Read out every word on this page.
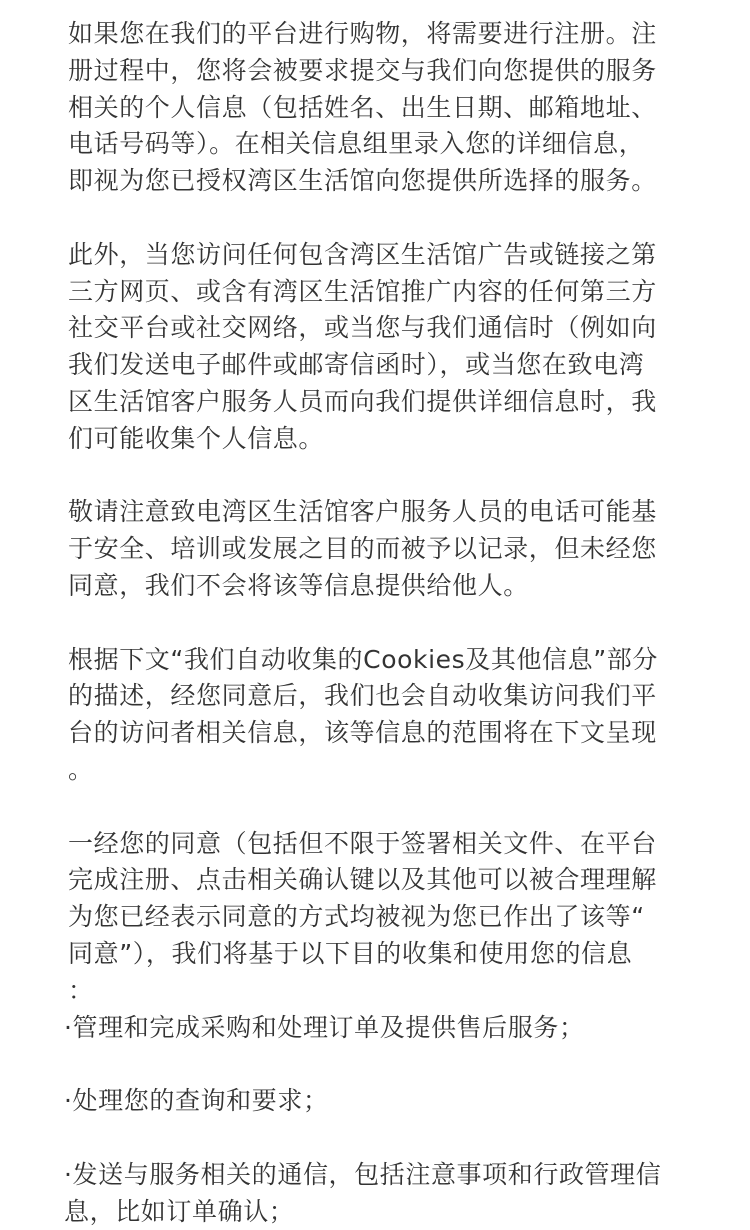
如果您在我们的平台进行购物，将需要进行注册。注
册过程中，您将会被要求提交与我们向您提供的服务
相关的个人信息（包括姓名、出生日期、邮箱地址、
电话号码等）。在相关信息组里录入您的详细信息，
即视为您已授权湾区生活馆向您提供所选择的服务。
此外，当您访问任何包含湾区生活馆广告或链接之第
三方网页、或含有湾区生活馆推广内容的任何第三方
社交平台或社交网络，或当您与我们通信时（例如向
我们发送电子邮件或邮寄信函时），或当您在致电湾
区生活馆客户服务人员而向我们提供详细信息时，我
们可能收集个人信息。
敬请注意致电湾区生活馆客户服务人员的电话可能基
于安全、培训或发展之目的而被予以记录，但未经您
同意，我们不会将该等信息提供给他人。
根据下文“我们自动收集的Cookies及其他信息”部分
的描述，经您同意后，我们也会自动收集访问我们平
台的访问者相关信息，该等信息的范围将在下文呈现
。
一经您的同意（包括但不限于签署相关文件、在平台
完成注册、点击相关确认键以及其他可以被合理理解
为您已经表示同意的方式均被视为您已作出了该等“
同意”），我们将基于以下目的收集和使用您的信息
：
·管理和完成采购和处理订单及提供售后服务；
·处理您的查询和要求；
·发送与服务相关的通信，包括注意事项和行政管理信
息，比如订单确认；
